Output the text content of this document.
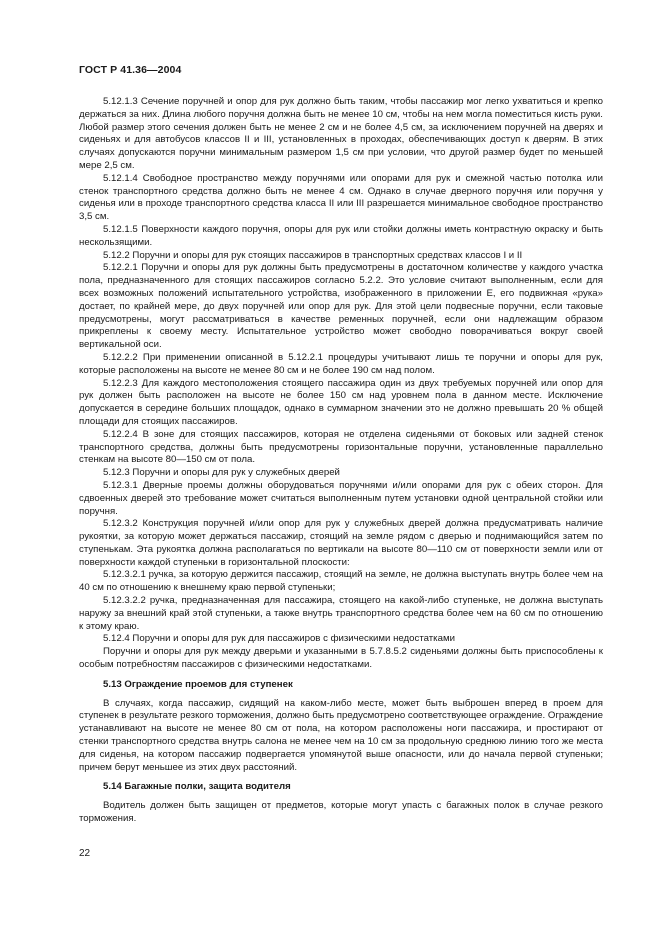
ГОСТ Р 41.36—2004

5.12.1.3 Сечение поручней и опор для рук должно быть таким, чтобы пассажир мог легко ухватиться и крепко держаться за них. Длина любого поручня должна быть не менее 10 см, чтобы на нем могла поместиться кисть руки. Любой размер этого сечения должен быть не менее 2 см и не более 4,5 см, за исключением поручней на дверях и сиденьях и для автобусов классов II и III, установленных в проходах, обеспечивающих доступ к дверям. В этих случаях допускаются поручни минимальным размером 1,5 см при условии, что другой размер будет по меньшей мере 2,5 см.

5.12.1.4 Свободное пространство между поручнями или опорами для рук и смежной частью потолка или стенок транспортного средства должно быть не менее 4 см. Однако в случае дверного поручня или поручня у сиденья или в проходе транспортного средства класса II или III разрешается минимальное свободное пространство 3,5 см.

5.12.1.5 Поверхности каждого поручня, опоры для рук или стойки должны иметь контрастную окраску и быть нескользящими.

5.12.2 Поручни и опоры для рук стоящих пассажиров в транспортных средствах классов I и II

5.12.2.1 Поручни и опоры для рук должны быть предусмотрены в достаточном количестве у каждого участка пола, предназначенного для стоящих пассажиров согласно 5.2.2. Это условие считают выполненным, если для всех возможных положений испытательного устройства, изображенного в приложении Е, его подвижная «рука» достает, по крайней мере, до двух поручней или опор для рук. Для этой цели подвесные поручни, если таковые предусмотрены, могут рассматриваться в качестве ременных поручней, если они надлежащим образом прикреплены к своему месту. Испытательное устройство может свободно поворачиваться вокруг своей вертикальной оси.

5.12.2.2 При применении описанной в 5.12.2.1 процедуры учитывают лишь те поручни и опоры для рук, которые расположены на высоте не менее 80 см и не более 190 см над полом.

5.12.2.3 Для каждого местоположения стоящего пассажира один из двух требуемых поручней или опор для рук должен быть расположен на высоте не более 150 см над уровнем пола в данном месте. Исключение допускается в середине больших площадок, однако в суммарном значении это не должно превышать 20 % общей площади для стоящих пассажиров.

5.12.2.4 В зоне для стоящих пассажиров, которая не отделена сиденьями от боковых или задней стенок транспортного средства, должны быть предусмотрены горизонтальные поручни, установленные параллельно стенкам на высоте 80—150 см от пола.

5.12.3 Поручни и опоры для рук у служебных дверей

5.12.3.1 Дверные проемы должны оборудоваться поручнями и/или опорами для рук с обеих сторон. Для сдвоенных дверей это требование может считаться выполненным путем установки одной центральной стойки или поручня.

5.12.3.2 Конструкция поручней и/или опор для рук у служебных дверей должна предусматривать наличие рукоятки, за которую может держаться пассажир, стоящий на земле рядом с дверью и поднимающийся затем по ступенькам. Эта рукоятка должна располагаться по вертикали на высоте 80—110 см от поверхности земли или от поверхности каждой ступеньки в горизонтальной плоскости:

5.12.3.2.1 ручка, за которую держится пассажир, стоящий на земле, не должна выступать внутрь более чем на 40 см по отношению к внешнему краю первой ступеньки;

5.12.3.2.2 ручка, предназначенная для пассажира, стоящего на какой-либо ступеньке, не должна выступать наружу за внешний край этой ступеньки, а также внутрь транспортного средства более чем на 60 см по отношению к этому краю.

5.12.4 Поручни и опоры для рук для пассажиров с физическими недостатками

Поручни и опоры для рук между дверьми и указанными в 5.7.8.5.2 сиденьями должны быть приспособлены к особым потребностям пассажиров с физическими недостатками.

5.13 Ограждение проемов для ступенек

В случаях, когда пассажир, сидящий на каком-либо месте, может быть выброшен вперед в проем для ступенек в результате резкого торможения, должно быть предусмотрено соответствующее ограждение. Ограждение устанавливают на высоте не менее 80 см от пола, на котором расположены ноги пассажира, и простирают от стенки транспортного средства внутрь салона не менее чем на 10 см за продольную среднюю линию того же места для сиденья, на котором пассажир подвергается упомянутой выше опасности, или до начала первой ступеньки; причем берут меньшее из этих двух расстояний.

5.14 Багажные полки, защита водителя

Водитель должен быть защищен от предметов, которые могут упасть с багажных полок в случае резкого торможения.

22
